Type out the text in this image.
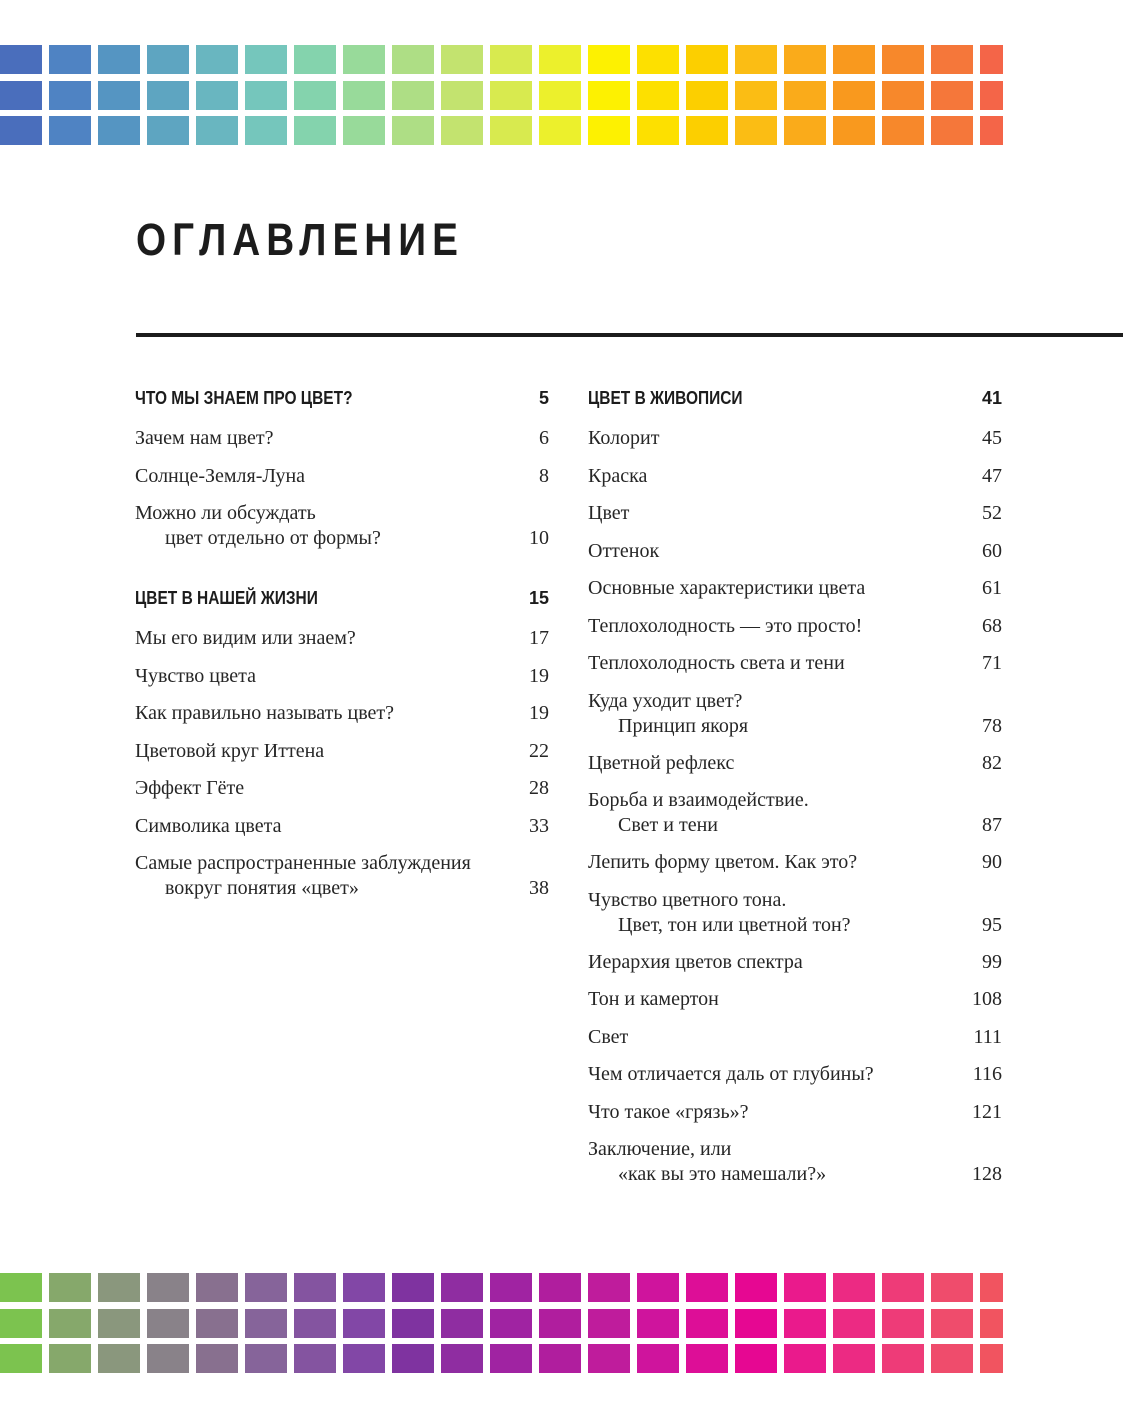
ОГЛАВЛЕНИЕ
ЧТО МЫ ЗНАЕМ ПРО ЦВЕТ?	5
Зачем нам цвет?	6
Солнце-Земля-Луна	8
Можно ли обсуждать
цвет отдельно от формы?	10
ЦВЕТ В НАШЕЙ ЖИЗНИ	15
Мы его видим или знаем?	17
Чувство цвета	19
Как правильно называть цвет?	19
Цветовой круг Иттена	22
Эффект Гёте	28
Символика цвета	33
Самые распространенные заблуждения
вокруг понятия «цвет»	38
ЦВЕТ В ЖИВОПИСИ	41
Колорит	45
Краска	47
Цвет	52
Оттенок	60
Основные характеристики цвета	61
Теплохолодность — это просто!	68
Теплохолодность света и тени	71
Куда уходит цвет?
Принцип якоря	78
Цветной рефлекс	82
Борьба и взаимодействие.
Свет и тени	87
Лепить форму цветом. Как это?	90
Чувство цветного тона.
Цвет, тон или цветной тон?	95
Иерархия цветов спектра	99
Тон и камертон	108
Свет	111
Чем отличается даль от глубины?	116
Что такое «грязь»?	121
Заключение, или
«как вы это намешали?»	128
